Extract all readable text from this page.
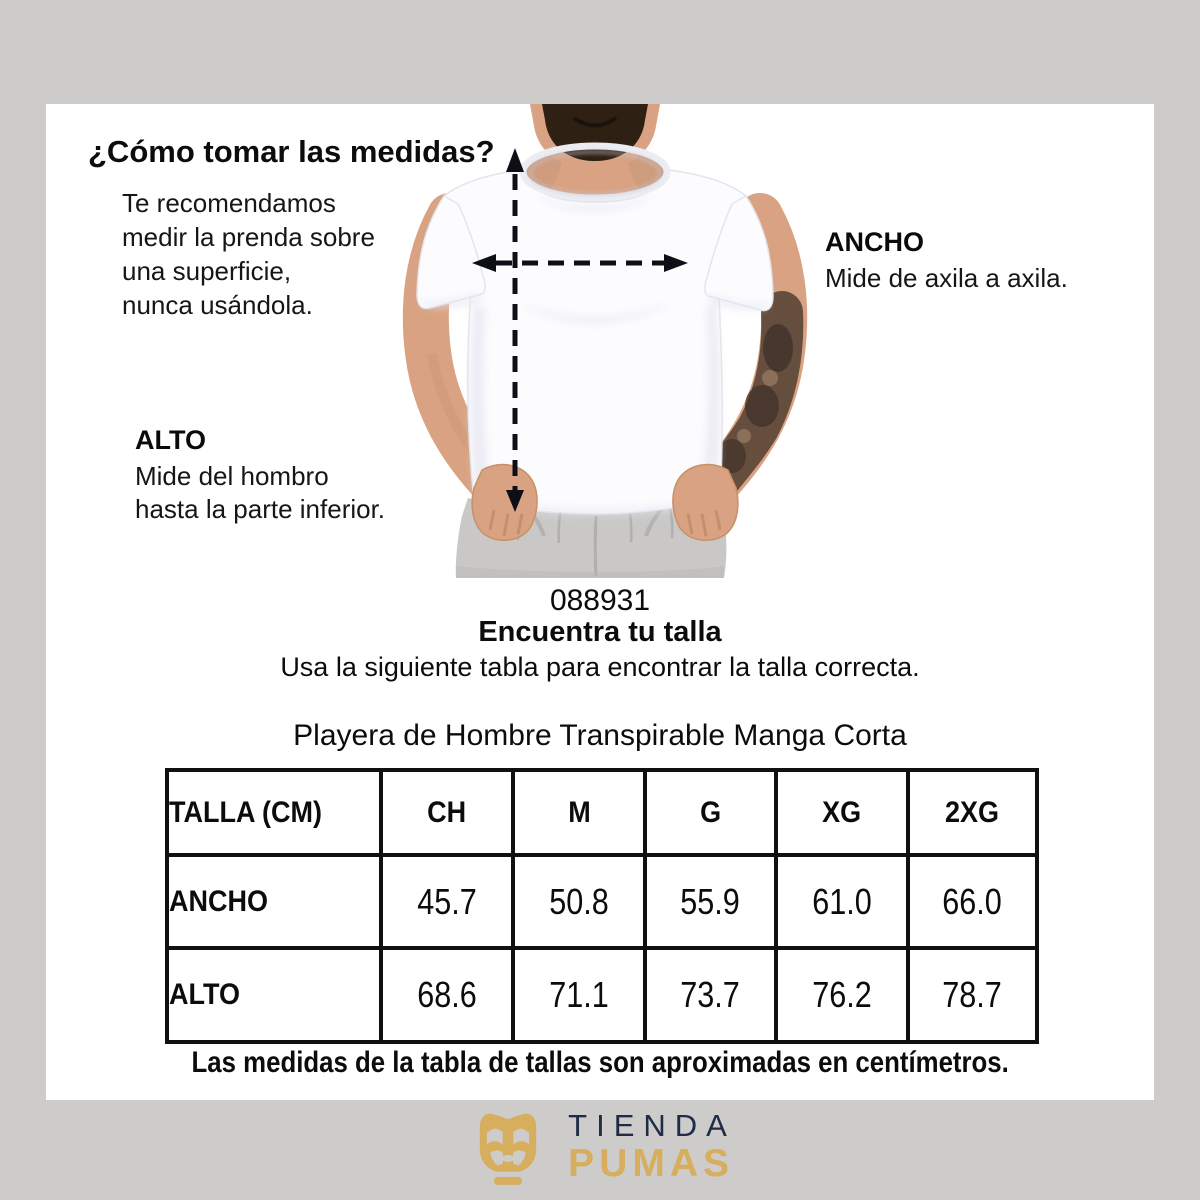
¿Cómo tomar las medidas?
Te recomendamos
medir la prenda sobre
una superficie,
nunca usándola.
ANCHO
Mide de axila a axila.
ALTO
Mide del hombro
hasta la parte inferior.
088931
Encuentra tu talla
Usa la siguiente tabla para encontrar la talla correcta.
Playera de Hombre Transpirable Manga Corta
TALLA (CM)	CH	M	G	XG	2XG
ANCHO	45.7	50.8	55.9	61.0	66.0
ALTO	68.6	71.1	73.7	76.2	78.7
Las medidas de la tabla de tallas son aproximadas en centímetros.
TIENDA
PUMAS
